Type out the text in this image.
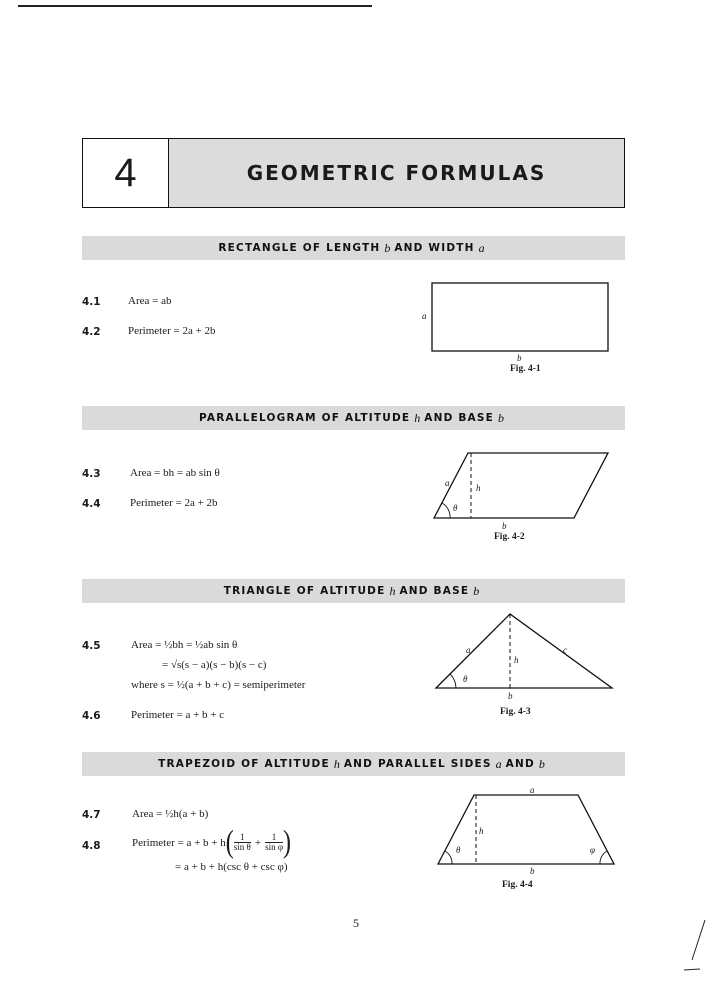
4	GEOMETRIC FORMULAS
RECTANGLE OF LENGTH b AND WIDTH a
4.1 Area = ab
4.2 Perimeter = 2a + 2b
a
b
Fig. 4-1
PARALLELOGRAM OF ALTITUDE h AND BASE b
4.3	Area = bh = ab sin θ
4.4	Perimeter = 2a + 2b
a	h
θ
b
Fig. 4-2
TRIANGLE OF ALTITUDE h AND BASE b
4.5	Area = ½bh = ½ab sin θ
= √s(s − a)(s − b)(s − c)
where s = ½(a + b + c) = semiperimeter
4.6	Perimeter = a + b + c
a	c
h
θ
b
Fig. 4-3
TRAPEZOID OF ALTITUDE h AND PARALLEL SIDES a AND b
4.7	Area = ½h(a + b)
4.8	Perimeter = a + b + h ( $\frac{1}{\text{sin θ}} + \frac{1}{\text{sin φ}}$ )
= a + b + h(csc θ + csc φ)
a
h
θ	φ
b
Fig. 4-4
5
